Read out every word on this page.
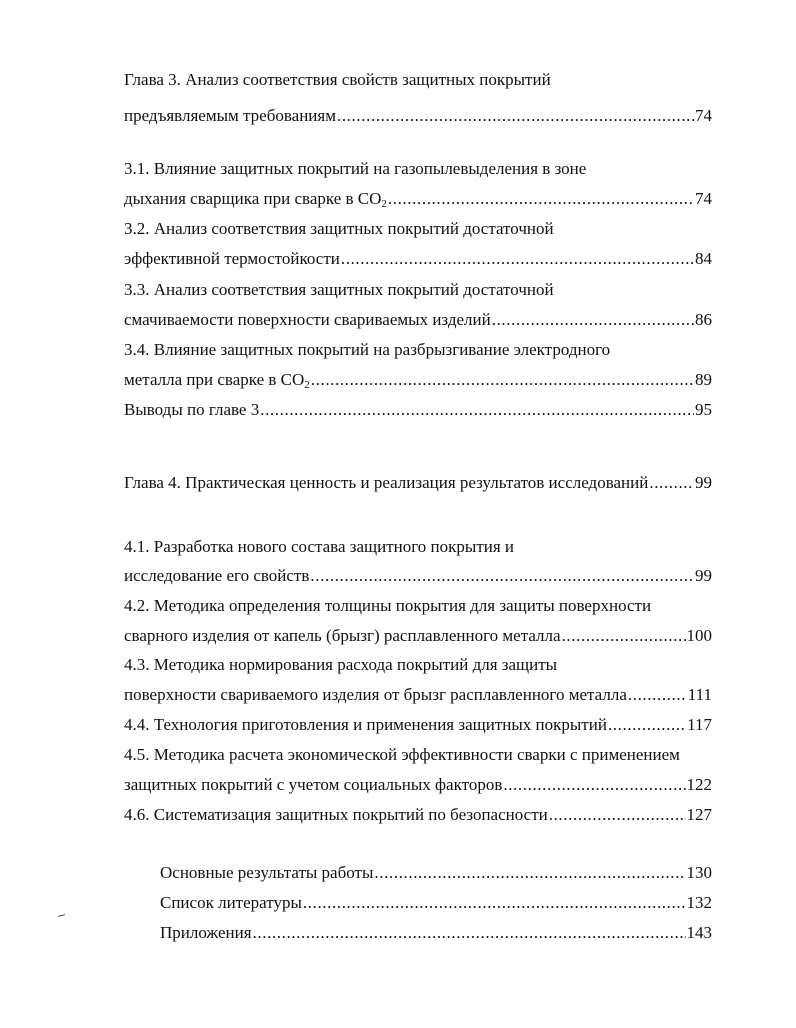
Глава 3. Анализ соответствия свойств защитных покрытий
предъявляемым требованиям .....	74
3.1. Влияние защитных покрытий на газопылевыделения в зоне
дыхания сварщика при сварке в $CO_2$ .....	74
3.2. Анализ соответствия защитных покрытий достаточной
эффективной термостойкости .....	84
3.3. Анализ соответствия защитных покрытий достаточной
смачиваемости поверхности свариваемых изделий .....	86
3.4. Влияние защитных покрытий на разбрызгивание электродного
металла при сварке в $CO_2$ .....	89
Выводы по главе 3 .....	95
Глава 4. Практическая ценность и реализация результатов исследований .....	99
4.1. Разработка нового состава защитного покрытия и
исследование его свойств .....	99
4.2. Методика определения толщины покрытия для защиты поверхности
сварного изделия от капель (брызг) расплавленного металла .....	100
4.3. Методика нормирования расхода покрытий для защиты
поверхности свариваемого изделия от брызг расплавленного металла .....	111
4.4. Технология приготовления и применения защитных покрытий .....	117
4.5. Методика расчета экономической эффективности сварки с применением
защитных покрытий с учетом социальных факторов .....	122
4.6. Систематизация защитных покрытий по безопасности .....	127
Основные результаты работы .....	130
Список литературы .....	132
Приложения .....	143
